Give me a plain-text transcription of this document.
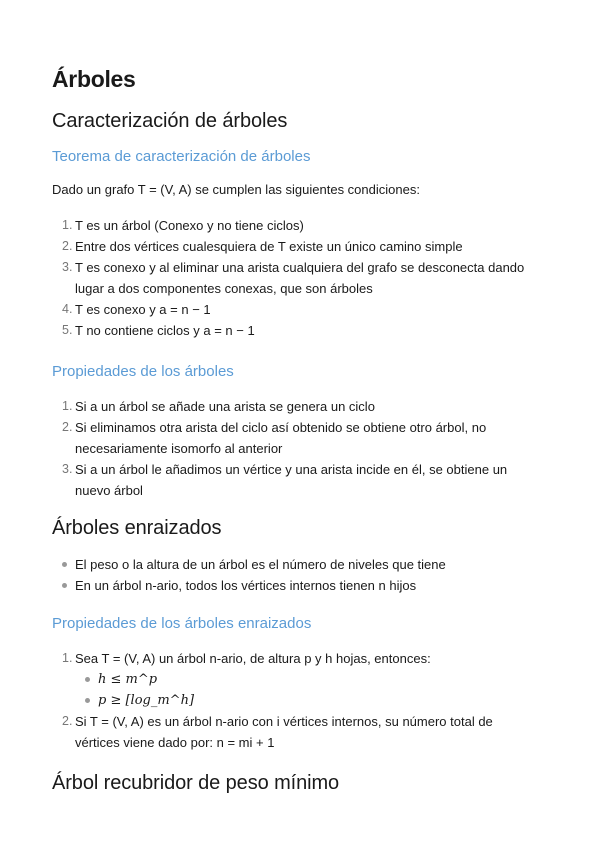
Árboles
Caracterización de árboles
Teorema de caracterización de árboles
Dado un grafo T = (V, A) se cumplen las siguientes condiciones:
1. T es un árbol (Conexo y no tiene ciclos)
2. Entre dos vértices cualesquiera de T existe un único camino simple
3. T es conexo y al eliminar una arista cualquiera del grafo se desconecta dando
lugar a dos componentes conexas, que son árboles
4. T es conexo y a = n − 1
5. T no contiene ciclos y a = n − 1
Propiedades de los árboles
1. Si a un árbol se añade una arista se genera un ciclo
2. Si eliminamos otra arista del ciclo así obtenido se obtiene otro árbol, no
necesariamente isomorfo al anterior
3. Si a un árbol le añadimos un vértice y una arista incide en él, se obtiene un
nuevo árbol
Árboles enraizados
El peso o la altura de un árbol es el número de niveles que tiene
En un árbol n-ario, todos los vértices internos tienen n hijos
Propiedades de los árboles enraizados
1. Sea T = (V, A) un árbol n-ario, de altura p y h hojas, entonces:
h ≤ m^p
p ≥ [log_m^h]
2. Si T = (V, A) es un árbol n-ario con i vértices internos, su número total de
vértices viene dado por: n = mi + 1
Árbol recubridor de peso mínimo
